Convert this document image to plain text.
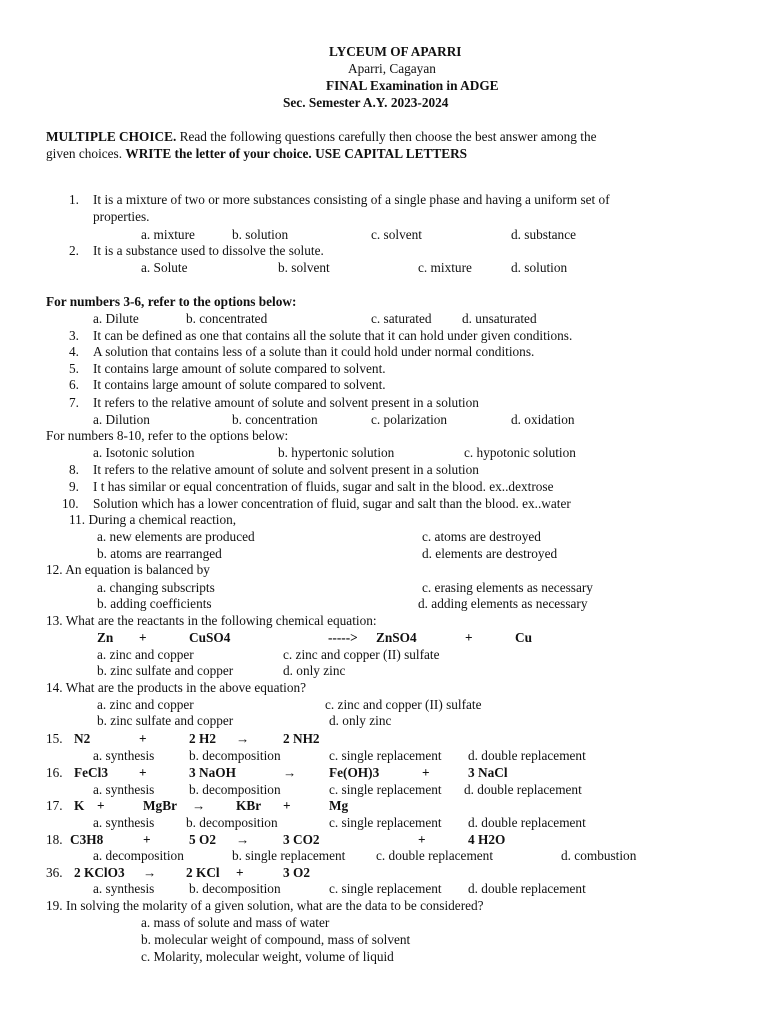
LYCEUM OF APARRI
Aparri, Cagayan
FINAL Examination in ADGE
Sec. Semester A.Y. 2023-2024
MULTIPLE CHOICE. Read the following questions carefully then choose the best answer among the
given choices. WRITE the letter of your choice. USE CAPITAL LETTERS
1. It is a mixture of two or more substances consisting of a single phase and having a uniform set of
properties.
a. mixture	b. solution	c. solvent	d. substance
2. It is a substance used to dissolve the solute.
a. Solute	b. solvent	c. mixture	d. solution
For numbers 3-6, refer to the options below:
a. Dilute	b. concentrated	c. saturated d. unsaturated
3. It can be defined as one that contains all the solute that it can hold under given conditions.
4. A solution that contains less of a solute than it could hold under normal conditions.
5. It contains large amount of solute compared to solvent.
6. It contains large amount of solute compared to solvent.
7. It refers to the relative amount of solute and solvent present in a solution
a. Dilution	b. concentration	c. polarization	d. oxidation
For numbers 8-10, refer to the options below:
a. Isotonic solution	b. hypertonic solution	c. hypotonic solution
8. It refers to the relative amount of solute and solvent present in a solution
9. I t has similar or equal concentration of fluids, sugar and salt in the blood. ex..dextrose
10. Solution which has a lower concentration of fluid, sugar and salt than the blood. ex..water
11. During a chemical reaction,
a. new elements are produced	c. atoms are destroyed
b. atoms are rearranged	d. elements are destroyed
12. An equation is balanced by
a. changing subscripts	c. erasing elements as necessary
b. adding coefficients	d. adding elements as necessary
13. What are the reactants in the following chemical equation:
Zn +	CuSO4	-----> ZnSO4	+	Cu
a. zinc and copper	c. zinc and copper (II) sulfate
b. zinc sulfate and copper	d. only zinc
14. What are the products in the above equation?
a. zinc and copper	c. zinc and copper (II) sulfate
b. zinc sulfate and copper	d. only zinc
15. N2	+	2 H2 →	2 NH2
a. synthesis	b. decomposition	c. single replacement d. double replacement
16. FeCl3 +	3 NaOH	→ Fe(OH)3	+	3 NaCl
a. synthesis	b. decomposition	c. single replacement d. double replacement
17. K +	MgBr → KBr +	Mg
a. synthesis b. decomposition	c. single replacement d. double replacement
18. C3H8	+	5 O2 →	3 CO2	+	4 H2O
a. decomposition	b. single replacement c. double replacement	d. combustion
36. 2 KClO3 → 2 KCl +	3 O2
a. synthesis	b. decomposition	c. single replacement d. double replacement
19. In solving the molarity of a given solution, what are the data to be considered?
a. mass of solute and mass of water
b. molecular weight of compound, mass of solvent
c. Molarity, molecular weight, volume of liquid
